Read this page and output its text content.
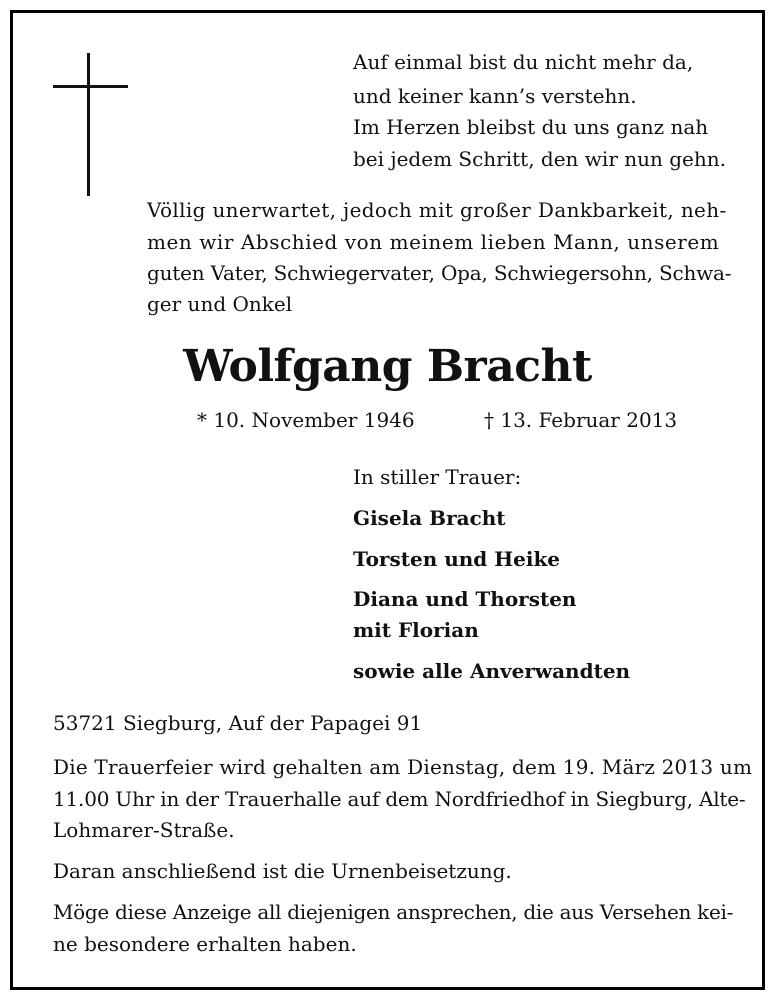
Auf einmal bist du nicht mehr da,
und keiner kann’s verstehn.
Im Herzen bleibst du uns ganz nah
bei jedem Schritt, den wir nun gehn.
Völlig unerwartet, jedoch mit großer Dankbarkeit, neh-
men wir Abschied von meinem lieben Mann, unserem
guten Vater, Schwiegervater, Opa, Schwiegersohn, Schwa-
ger und Onkel
Wolfgang Bracht
* 10. November 1946	† 13. Februar 2013
In stiller Trauer:
Gisela Bracht
Torsten und Heike
Diana und Thorsten
mit Florian
sowie alle Anverwandten
53721 Siegburg, Auf der Papagei 91
Die Trauerfeier wird gehalten am Dienstag, dem 19. März 2013 um
11.00 Uhr in der Trauerhalle auf dem Nordfriedhof in Siegburg, Alte-
Lohmarer-Straße.
Daran anschließend ist die Urnenbeisetzung.
Möge diese Anzeige all diejenigen ansprechen, die aus Versehen kei-
ne besondere erhalten haben.
